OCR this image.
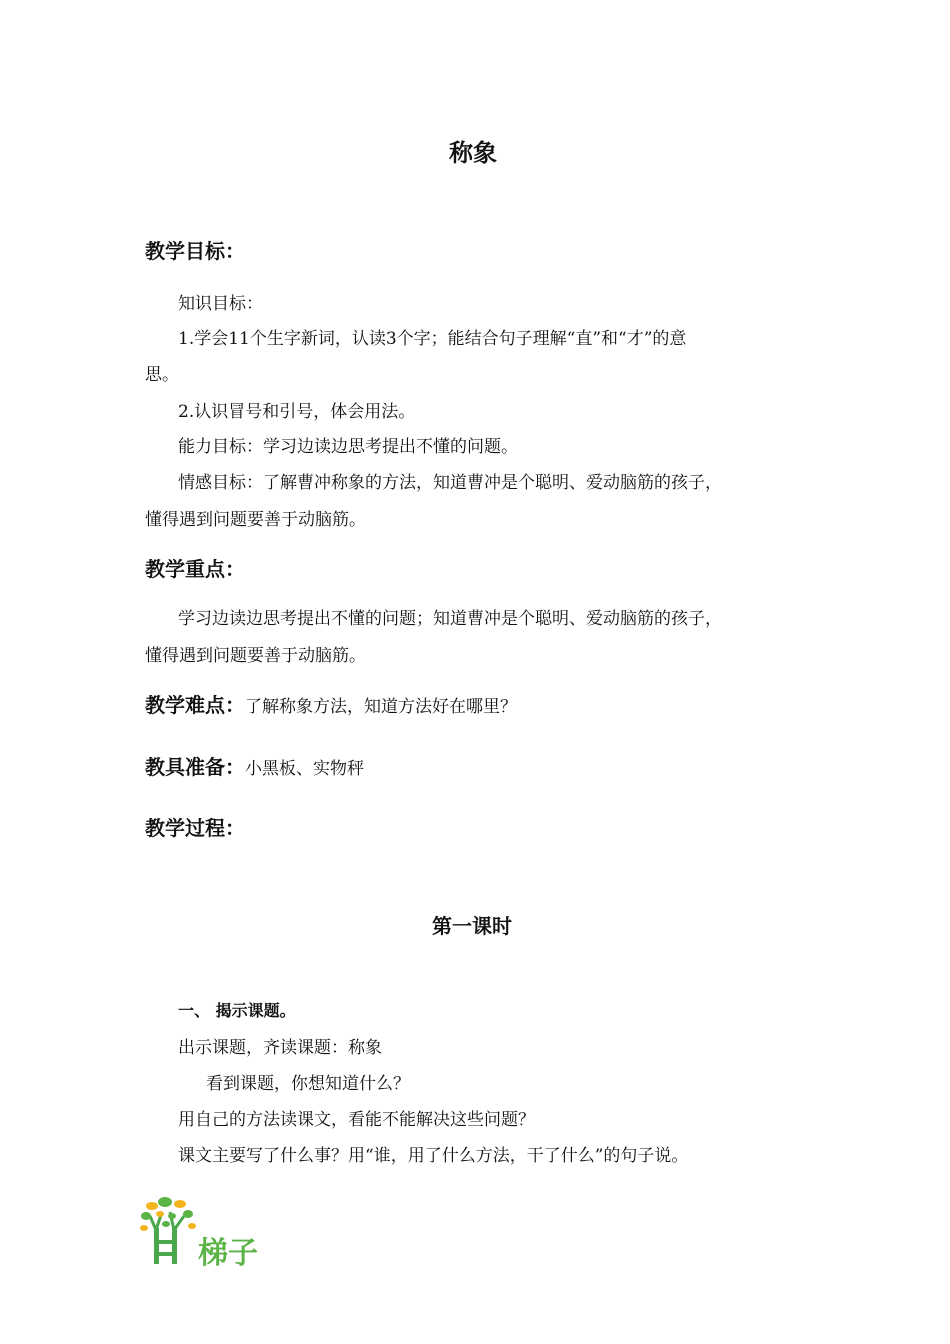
称象
教学目标：
知识目标：
1.学会11个生字新词，认读3个字；能结合句子理解“直”和“才”的意
思。
2.认识冒号和引号，体会用法。
能力目标：学习边读边思考提出不懂的问题。
情感目标：了解曹冲称象的方法，知道曹冲是个聪明、爱动脑筋的孩子，
懂得遇到问题要善于动脑筋。
教学重点：
学习边读边思考提出不懂的问题；知道曹冲是个聪明、爱动脑筋的孩子，
懂得遇到问题要善于动脑筋。
教学难点：了解称象方法，知道方法好在哪里？
教具准备：小黑板、实物秤
教学过程：
第一课时
一、 揭示课题。
出示课题，齐读课题：称象
看到课题，你想知道什么？
用自己的方法读课文，看能不能解决这些问题？
课文主要写了什么事？用“谁，用了什么方法，干了什么”的句子说。
梯子
